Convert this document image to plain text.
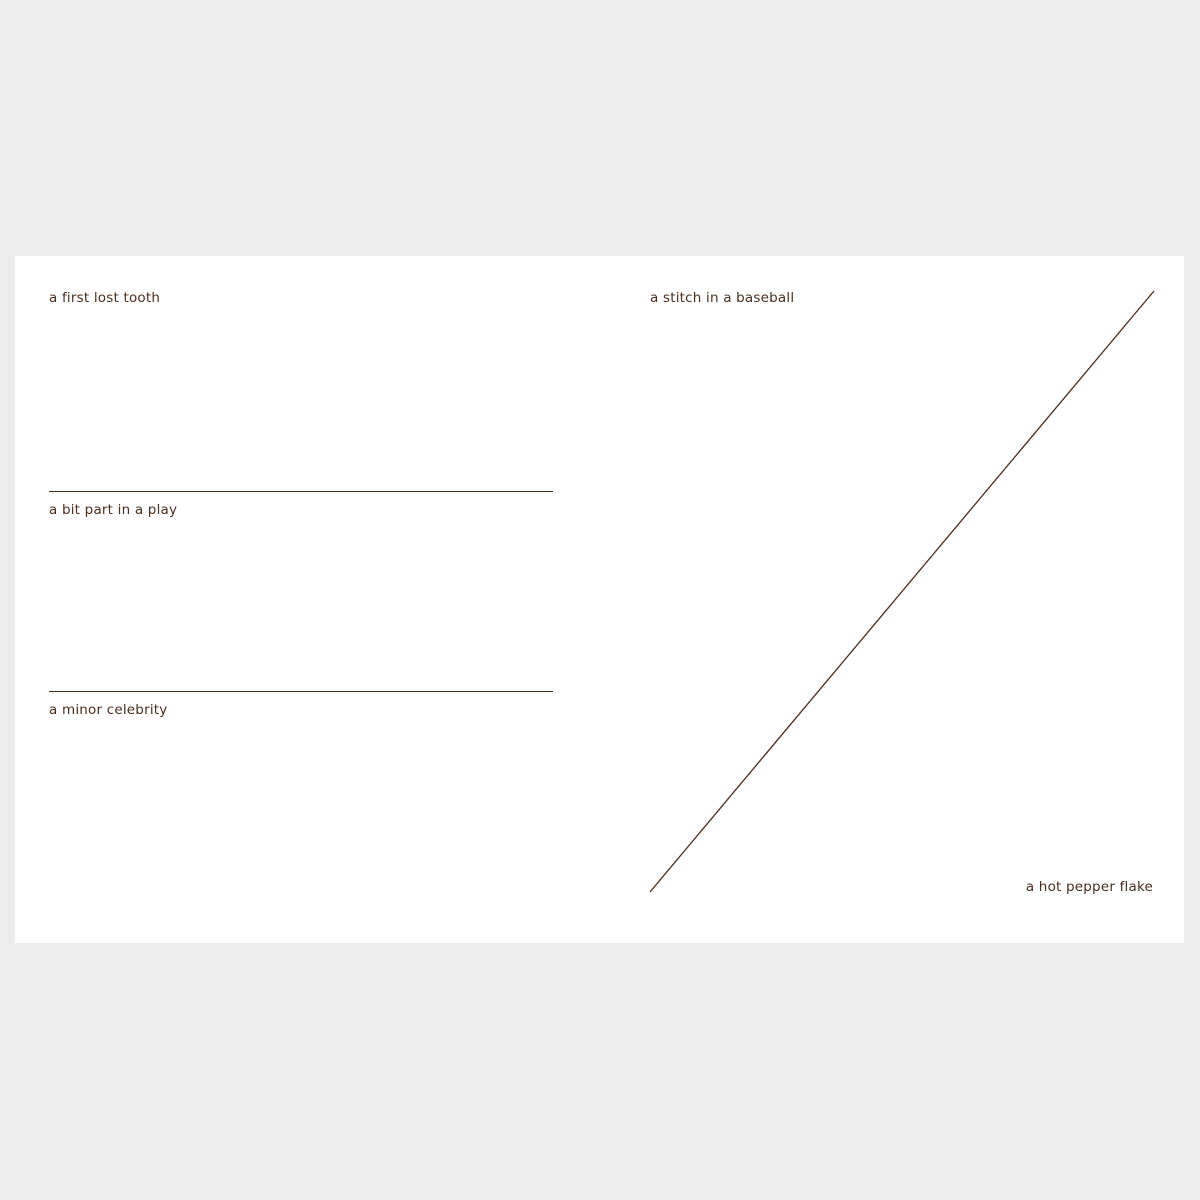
a first lost tooth
a bit part in a play
a minor celebrity
a stitch in a baseball
a hot pepper flake
